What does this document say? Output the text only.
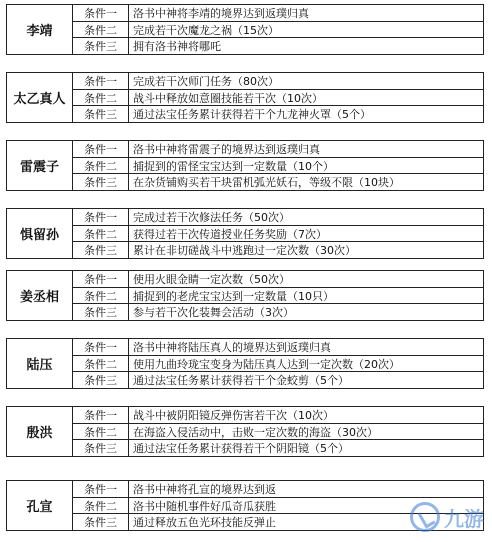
李靖
条件一	洛书中神将李靖的境界达到返璞归真
条件二	完成若干次魔龙之祸（15次）
条件三	拥有洛书神将哪吒
太乙真人
条件一	完成若干次师门任务（80次）
条件二	战斗中释放如意圈技能若干次（10次）
条件三	通过法宝任务累计获得若干个九龙神火罩（5个）
雷震子
条件一	洛书中神将雷震子的境界达到返璞归真
条件二	捕捉到的雷怪宝宝达到一定数量（10个）
条件三	在杂货铺购买若干块雷机弧光妖石，等级不限（10块）
惧留孙
条件一	完成过若干次修法任务（50次）
条件二	获得过若干次传道授业任务奖励（7次）
条件三	累计在非切磋战斗中逃跑过一定次数（30次）
姜丞相
条件一	使用火眼金睛一定次数（50次）
条件二	捕捉到的老虎宝宝达到一定数量（10只）
条件三	参与若干次化装舞会活动（3次）
陆压
条件一	洛书中神将陆压真人的境界达到返璞归真
条件二	使用九曲玲珑宝变身为陆压真人达到一定次数（20次）
条件三	通过法宝任务累计获得若干个金蛟剪（5个）
殷洪
条件一	战斗中被阴阳镜反弹伤害若干次（10次）
条件二	在海盗入侵活动中，击败一定次数的海盗（30次）
条件三	通过法宝任务累计获得若干个阴阳镜（5个）
孔宣
条件一	洛书中神将孔宣的境界达到返
条件二	洛书中随机事件好瓜奇瓜获胜
条件三	通过释放五色光环技能反弹止	九游
